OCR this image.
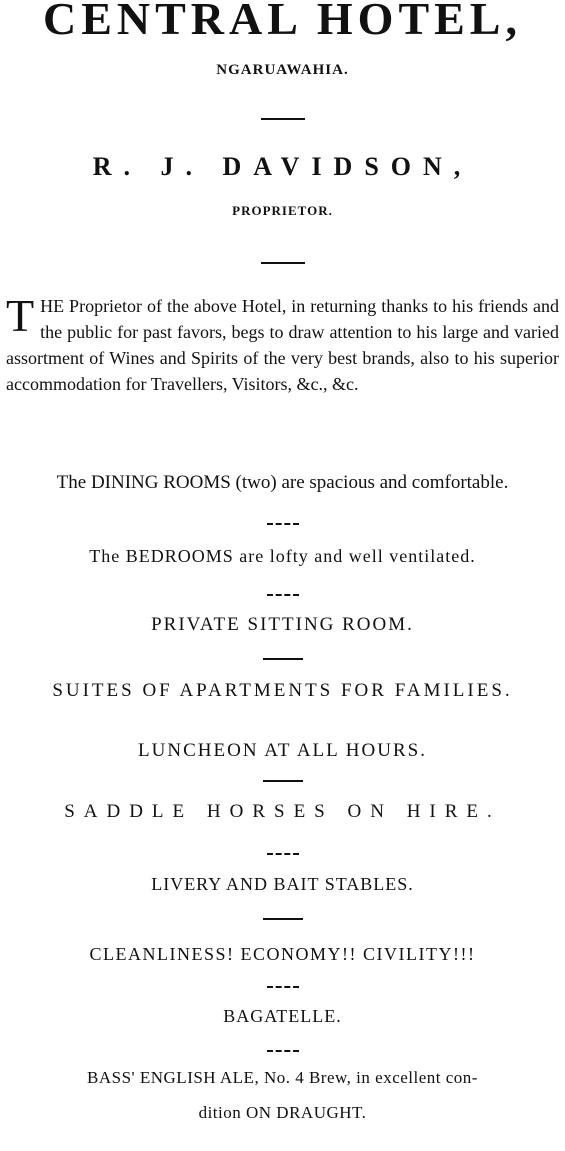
CENTRAL HOTEL,
NGARUAWAHIA.
R. J. DAVIDSON,
PROPRIETOR.
T HE Proprietor of the above Hotel, in returning thanks to his friends and the public for past favors, begs to draw attention to his large and varied assortment of Wines and Spirits of the very best brands, also to his superior accommodation for Travellers, Visitors, &c., &c.
The DINING ROOMS (two) are spacious and comfortable.
The BEDROOMS are lofty and well ventilated.
PRIVATE SITTING ROOM.
SUITES OF APARTMENTS FOR FAMILIES.
LUNCHEON AT ALL HOURS.
SADDLE HORSES ON HIRE.
LIVERY AND BAIT STABLES.
CLEANLINESS! ECONOMY!! CIVILITY!!!
BAGATELLE.
BASS' ENGLISH ALE, No. 4 Brew, in excellent con-
dition ON DRAUGHT.
